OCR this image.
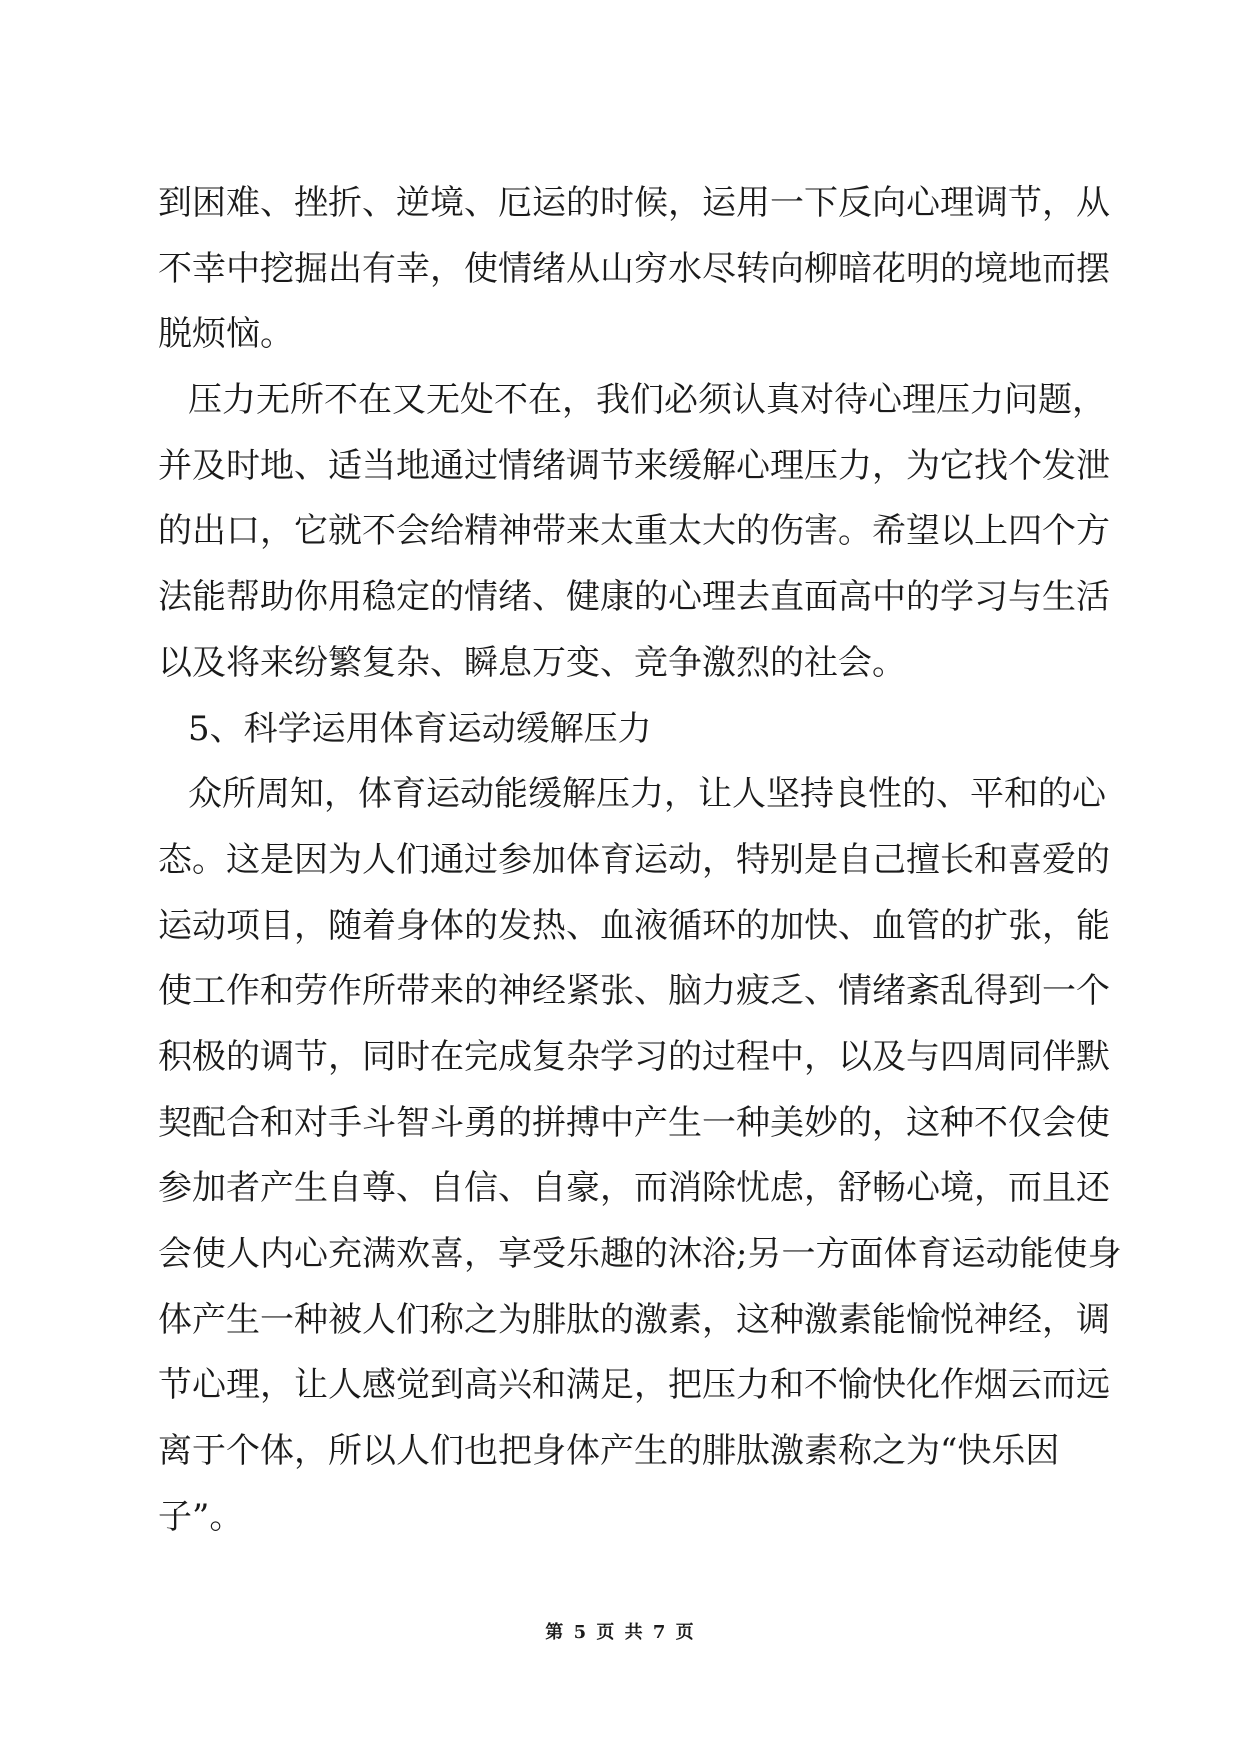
到困难、挫折、逆境、厄运的时候，运用一下反向心理调节，从
不幸中挖掘出有幸，使情绪从山穷水尽转向柳暗花明的境地而摆
脱烦恼。
压力无所不在又无处不在，我们必须认真对待心理压力问题，
并及时地、适当地通过情绪调节来缓解心理压力，为它找个发泄
的出口，它就不会给精神带来太重太大的伤害。希望以上四个方
法能帮助你用稳定的情绪、健康的心理去直面高中的学习与生活
以及将来纷繁复杂、瞬息万变、竞争激烈的社会。
5、科学运用体育运动缓解压力
众所周知，体育运动能缓解压力，让人坚持良性的、平和的心
态。这是因为人们通过参加体育运动，特别是自己擅长和喜爱的
运动项目，随着身体的发热、血液循环的加快、血管的扩张，能
使工作和劳作所带来的神经紧张、脑力疲乏、情绪紊乱得到一个
积极的调节，同时在完成复杂学习的过程中，以及与四周同伴默
契配合和对手斗智斗勇的拼搏中产生一种美妙的，这种不仅会使
参加者产生自尊、自信、自豪，而消除忧虑，舒畅心境，而且还
会使人内心充满欢喜，享受乐趣的沐浴;另一方面体育运动能使身
体产生一种被人们称之为腓肽的激素，这种激素能愉悦神经，调
节心理，让人感觉到高兴和满足，把压力和不愉快化作烟云而远
离于个体，所以人们也把身体产生的腓肽激素称之为“快乐因
子”。
第 5 页 共 7 页
